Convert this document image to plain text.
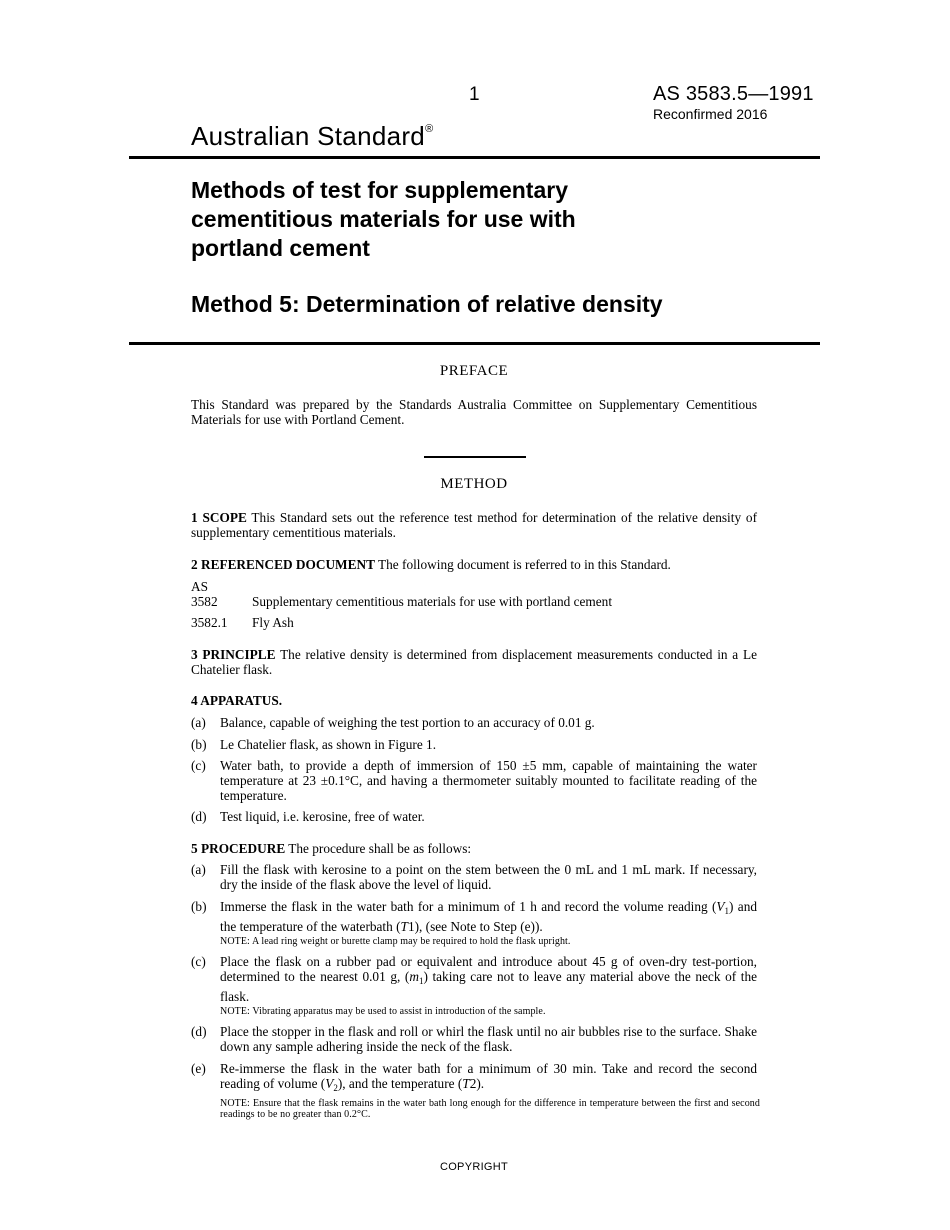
1	AS 3583.5—1991
Reconfirmed 2016
Australian Standard®
Methods of test for supplementary
cementitious materials for use with
portland cement
Method 5: Determination of relative density
PREFACE
This Standard was prepared by the Standards Australia Committee on Supplementary Cementitious Materials for use with Portland Cement.
METHOD
1 SCOPE This Standard sets out the reference test method for determination of the relative density of supplementary cementitious materials.
2 REFERENCED DOCUMENT The following document is referred to in this Standard.
AS
3582	Supplementary cementitious materials for use with portland cement
3582.1 Fly Ash
3 PRINCIPLE The relative density is determined from displacement measurements conducted in a Le Chatelier flask.
4 APPARATUS.
(a) Balance, capable of weighing the test portion to an accuracy of 0.01 g.
(b) Le Chatelier flask, as shown in Figure 1.
(c) Water bath, to provide a depth of immersion of 150 ±5 mm, capable of maintaining the water temperature at 23 ±0.1°C, and having a thermometer suitably mounted to facilitate reading of the temperature.
(d) Test liquid, i.e. kerosine, free of water.
5 PROCEDURE The procedure shall be as follows:
(a) Fill the flask with kerosine to a point on the stem between the 0 mL and 1 mL mark. If necessary, dry the inside of the flask above the level of liquid.
(b) Immerse the flask in the water bath for a minimum of 1 h and record the volume reading $(V_1)$ and the temperature of the waterbath (T1), (see Note to Step (e)).
NOTE: A lead ring weight or burette clamp may be required to hold the flask upright.
(c) Place the flask on a rubber pad or equivalent and introduce about 45 g of oven-dry test-portion, determined to the nearest 0.01 g, $(m_1)$ taking care not to leave any material above the neck of the flask.
NOTE: Vibrating apparatus may be used to assist in introduction of the sample.
(d) Place the stopper in the flask and roll or whirl the flask until no air bubbles rise to the surface. Shake down any sample adhering inside the neck of the flask.
(e) Re-immerse the flask in the water bath for a minimum of 30 min. Take and record the second reading of volume $(V_2)$, and the temperature (T2).
NOTE: Ensure that the flask remains in the water bath long enough for the difference in temperature between the first and second readings to be no greater than 0.2°C.
COPYRIGHT
